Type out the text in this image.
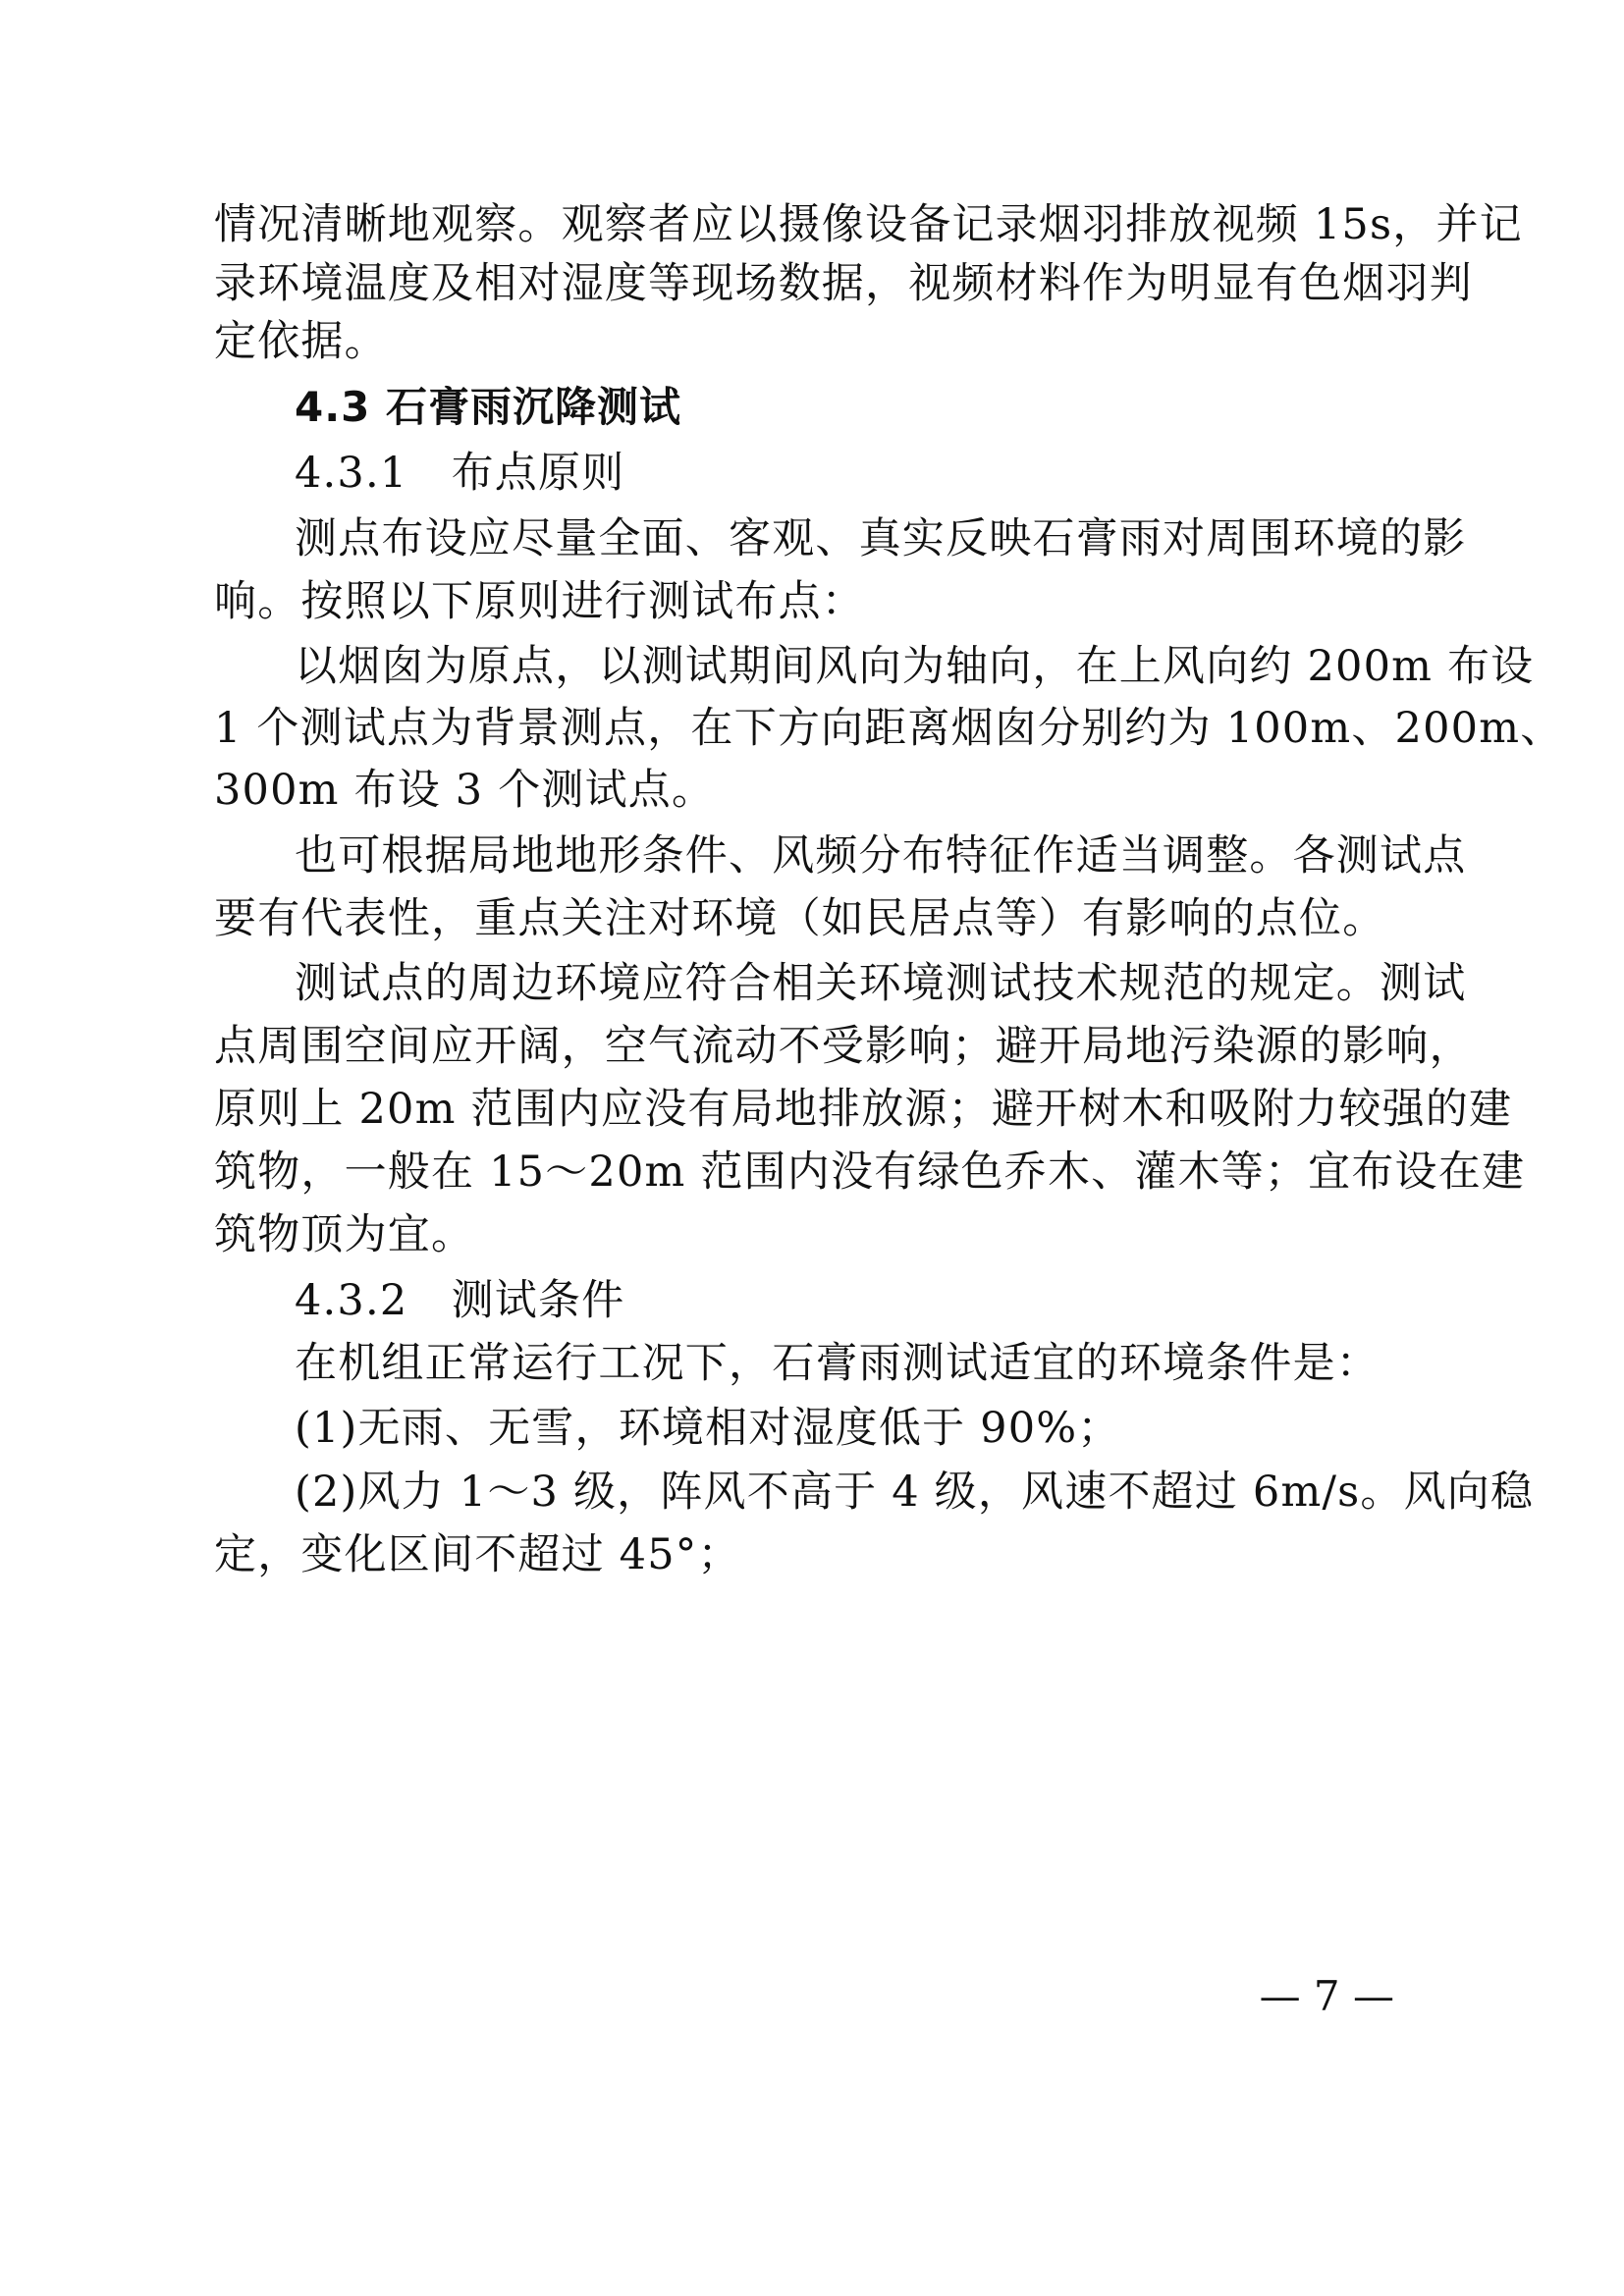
情况清晰地观察。观察者应以摄像设备记录烟羽排放视频 15s，并记
录环境温度及相对湿度等现场数据，视频材料作为明显有色烟羽判
定依据。
4.3 石膏雨沉降测试
4.3.1　布点原则
测点布设应尽量全面、客观、真实反映石膏雨对周围环境的影
响。按照以下原则进行测试布点：
以烟囱为原点，以测试期间风向为轴向，在上风向约 200m 布设
1 个测试点为背景测点，在下方向距离烟囱分别约为 100m、200m、
300m 布设 3 个测试点。
也可根据局地地形条件、风频分布特征作适当调整。各测试点
要有代表性，重点关注对环境（如民居点等）有影响的点位。
测试点的周边环境应符合相关环境测试技术规范的规定。测试
点周围空间应开阔，空气流动不受影响；避开局地污染源的影响，
原则上 20m 范围内应没有局地排放源；避开树木和吸附力较强的建
筑物，一般在 15～20m 范围内没有绿色乔木、灌木等；宜布设在建
筑物顶为宜。
4.3.2　测试条件
在机组正常运行工况下，石膏雨测试适宜的环境条件是：
(1)无雨、无雪，环境相对湿度低于 90%；
(2)风力 1～3 级，阵风不高于 4 级，风速不超过 6m/s。风向稳
定，变化区间不超过 45°；
— 7 —
